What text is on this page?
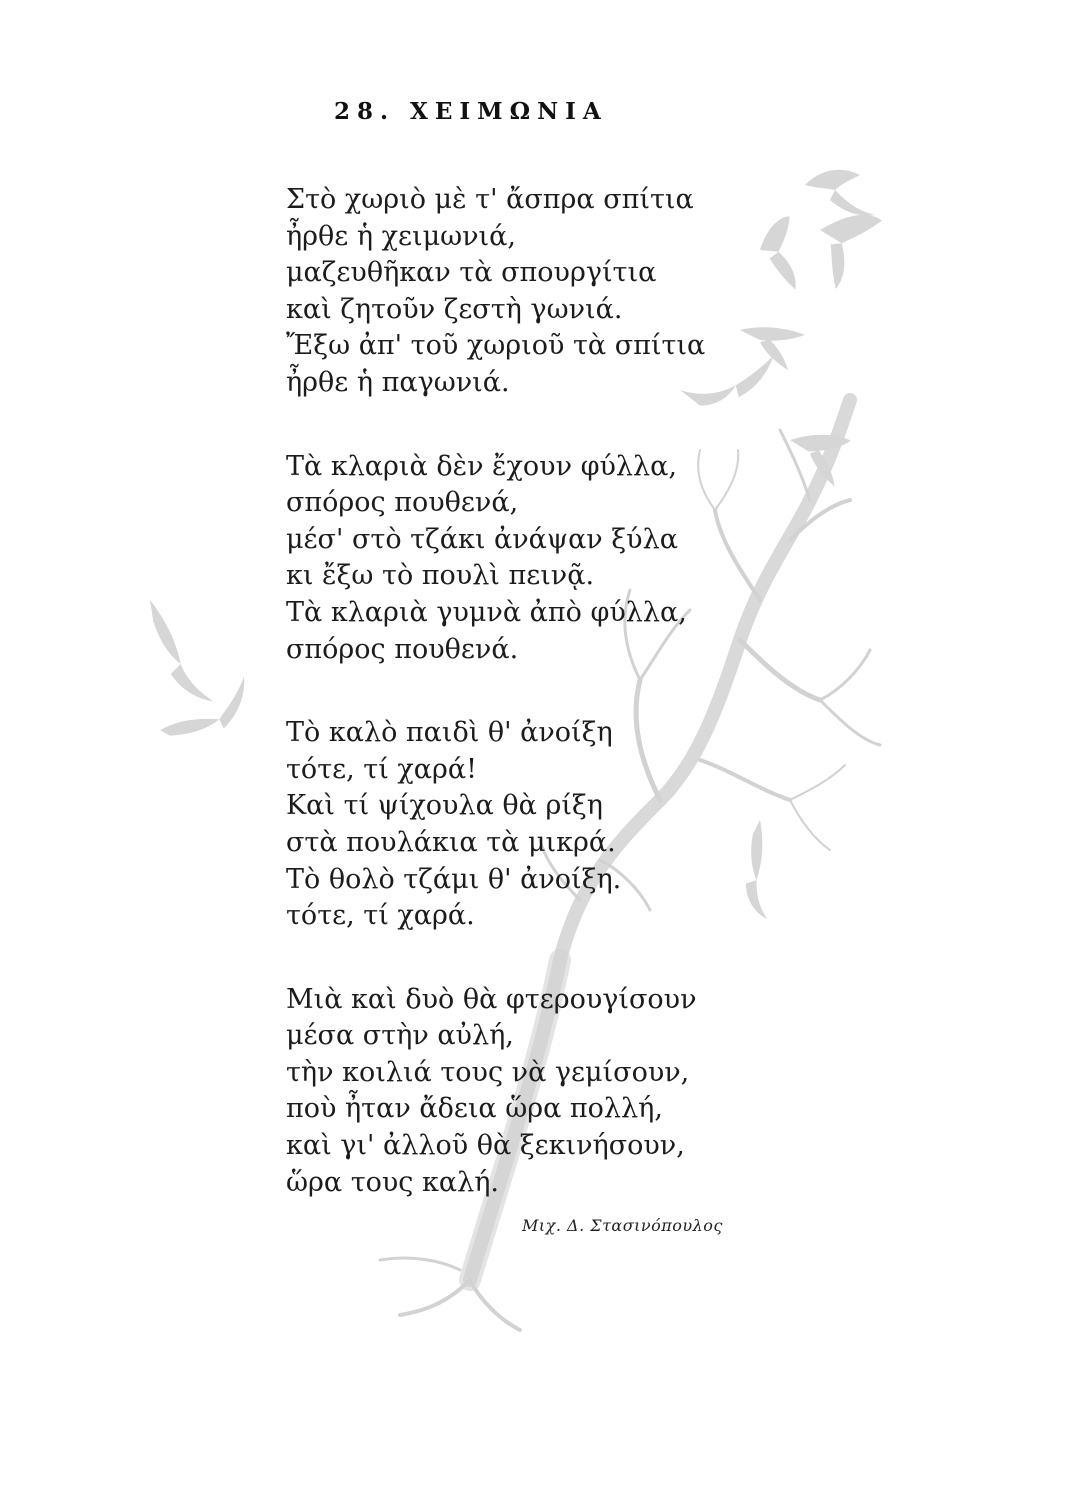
28. ΧΕΙΜΩΝΙΑ
Στὸ χωριὸ μὲ τ' ἄσπρα σπίτια
ἦρθε ἡ χειμωνιά,
μαζευθῆκαν τὰ σπουργίτια
καὶ ζητοῦν ζεστὴ γωνιά.
Ἔξω ἀπ' τοῦ χωριοῦ τὰ σπίτια
ἦρθε ἡ παγωνιά.
Τὰ κλαριὰ δὲν ἔχουν φύλλα,
σπόρος πουθενά,
μέσ' στὸ τζάκι ἀνάψαν ξύλα
κι ἔξω τὸ πουλὶ πεινᾷ.
Τὰ κλαριὰ γυμνὰ ἀπὸ φύλλα,
σπόρος πουθενά.
Τὸ καλὸ παιδὶ θ' ἀνοίξη
τότε, τί χαρά!
Καὶ τί ψίχουλα θὰ ρίξη
στὰ πουλάκια τὰ μικρά.
Τὸ θολὸ τζάμι θ' ἀνοίξη.
τότε, τί χαρά.
Μιὰ καὶ δυὸ θὰ φτερουγίσουν
μέσα στὴν αὐλή,
τὴν κοιλιά τους νὰ γεμίσουν,
ποὺ ἦταν ἄδεια ὥρα πολλή,
καὶ γι' ἀλλοῦ θὰ ξεκινήσουν,
ὥρα τους καλή.
Μιχ. Δ. Στασινόπουλος
